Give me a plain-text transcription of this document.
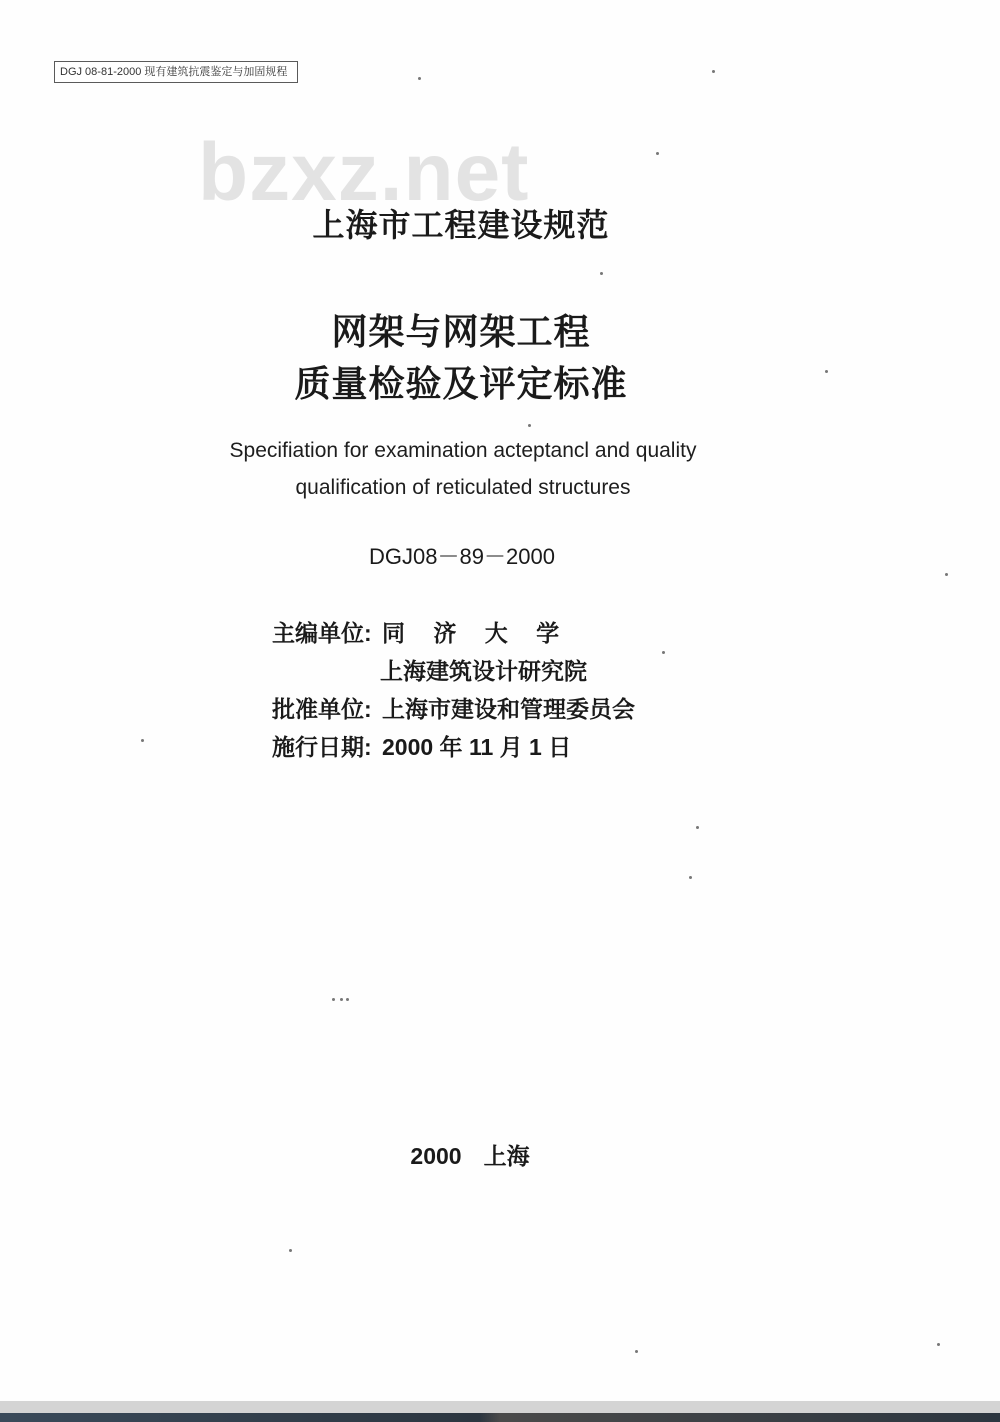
DGJ 08-81-2000 现有建筑抗震鉴定与加固规程
bzxz.net
上海市工程建设规范
网架与网架工程
质量检验及评定标准
Specifiation for examination acteptancl and quality
qualification of reticulated structures
DGJ08－89－2000
主编单位: 同 济 大 学
上海建筑设计研究院
批准单位: 上海市建设和管理委员会
施行日期: 2000 年 11 月 1 日
2000 上海
